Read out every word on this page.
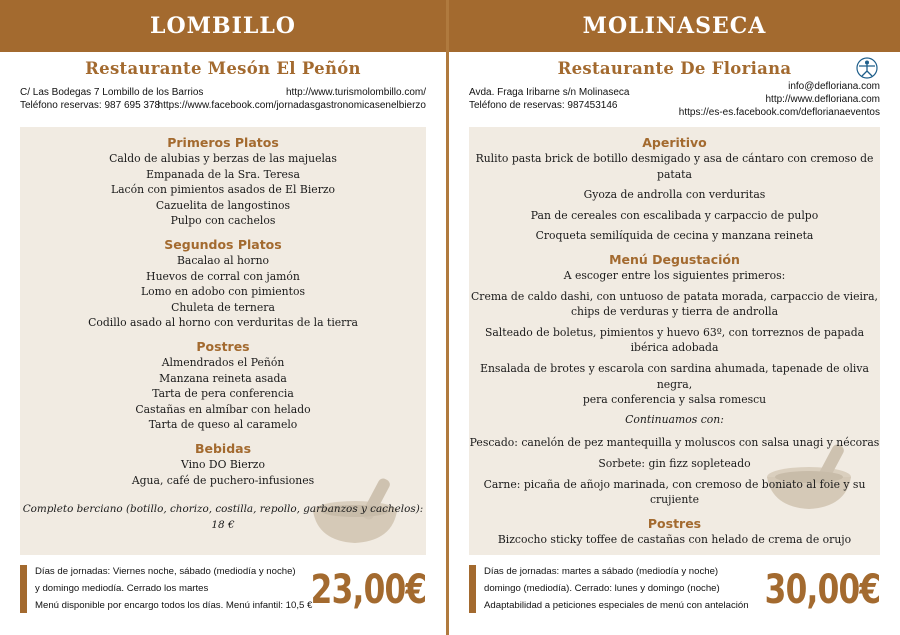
LOMBILLO
Restaurante Mesón El Peñón
C/ Las Bodegas 7 Lombillo de los Barrios
Teléfono reservas: 987 695 378
http://www.turismolombillo.com/
https://www.facebook.com/jornadasgastronomicasenelbierzo
Primeros Platos
Caldo de alubias y berzas de las majuelas
Empanada de la Sra. Teresa
Lacón con pimientos asados de El Bierzo
Cazuelita de langostinos
Pulpo con cachelos
Segundos Platos
Bacalao al horno
Huevos de corral con jamón
Lomo en adobo con pimientos
Chuleta de ternera
Codillo asado al horno con verduritas de la tierra
Postres
Almendrados el Peñón
Manzana reineta asada
Tarta de pera conferencia
Castañas en almíbar con helado
Tarta de queso al caramelo
Bebidas
Vino DO Bierzo
Agua, café de puchero-infusiones
Completo berciano (botillo, chorizo, costilla, repollo, garbanzos y cachelos): 18 €
Días de jornadas: Viernes noche, sábado (mediodía y noche)
y domingo mediodía. Cerrado los martes
Menú disponible por encargo todos los días. Menú infantil: 10,5 €
23,00€
MOLINASECA
Restaurante De Floriana
Avda. Fraga Iribarne s/n Molinaseca
Teléfono de reservas: 987453146
info@defloriana.com
http://www.defloriana.com
https://es-es.facebook.com/deflorianaeventos
Aperitivo
Rulito pasta brick de botillo desmigado y asa de cántaro con cremoso de patata
Gyoza de androlla con verduritas
Pan de cereales con escalibada y carpaccio de pulpo
Croqueta semilíquida de cecina y manzana reineta
Menú Degustación
A escoger entre los siguientes primeros:
Crema de caldo dashi, con untuoso de patata morada, carpaccio de vieira,
chips de verduras y tierra de androlla
Salteado de boletus, pimientos y huevo 63º, con torreznos de papada ibérica adobada
Ensalada de brotes y escarola con sardina ahumada, tapenade de oliva negra,
pera conferencia y salsa romescu
Continuamos con:
Pescado: canelón de pez mantequilla y moluscos con salsa unagi y nécoras
Sorbete: gin fizz sopleteado
Carne: picaña de añojo marinada, con cremoso de boniato al foie y su crujiente
Postres
Bizcocho sticky toffee de castañas con helado de crema de orujo
Días de jornadas: martes a sábado (mediodía y noche)
domingo (mediodía). Cerrado: lunes y domingo (noche)
Adaptabilidad a peticiones especiales de menú con antelación 30,00€
